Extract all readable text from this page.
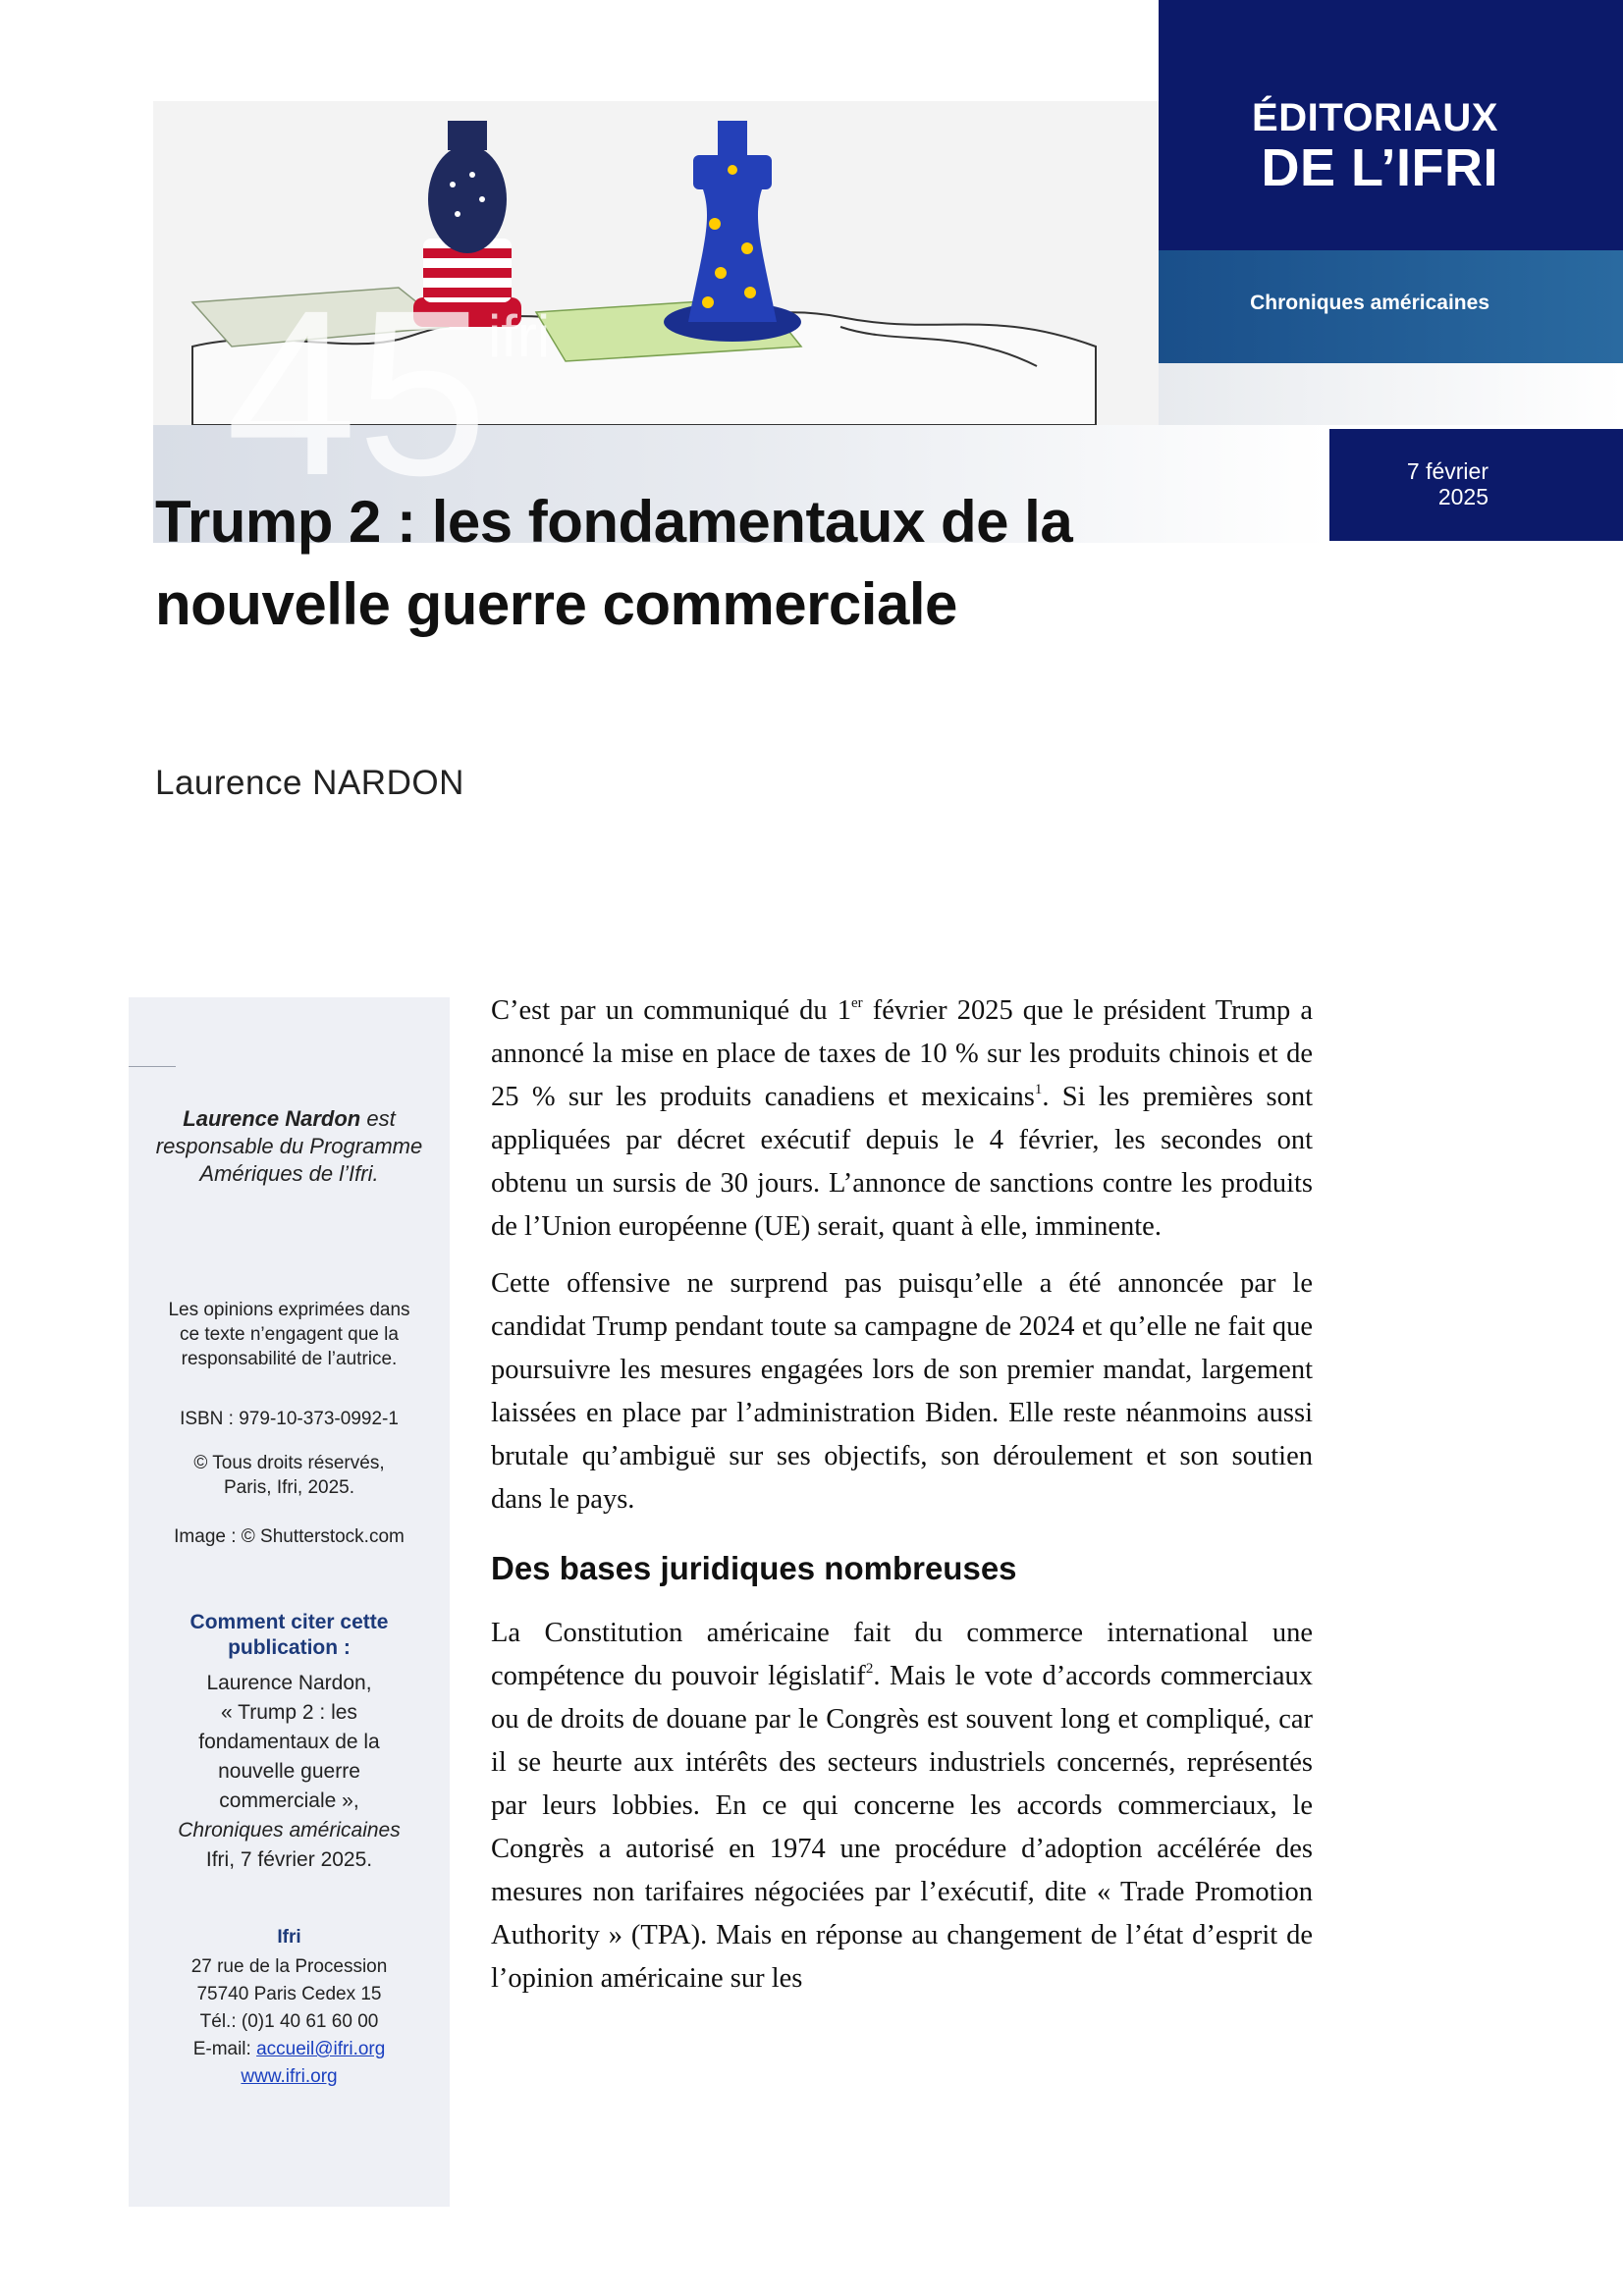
$45^{ifri}$
ÉDITORIAUX
DE L’IFRI
Chroniques américaines
7 février
2025
Trump 2 : les fondamentaux de la nouvelle guerre commerciale
Laurence NARDON
Laurence Nardon est responsable du Programme Amériques de l’Ifri.
Les opinions exprimées dans ce texte n’engagent que la responsabilité de l’autrice.
ISBN : 979-10-373-0992-1
© Tous droits réservés,
Paris, Ifri, 2025.
Image : © Shutterstock.com
Comment citer cette publication :
Laurence Nardon,
« Trump 2 : les
fondamentaux de la
nouvelle guerre
commerciale »,
Chroniques américaines
Ifri, 7 février 2025.
Ifri
27 rue de la Procession
75740 Paris Cedex 15
Tél.: (0)1 40 61 60 00
E-mail: accueil@ifri.org
www.ifri.org

C’est par un communiqué du 1er février 2025 que le président Trump a annoncé la mise en place de taxes de 10 % sur les produits chinois et de 25 % sur les produits canadiens et mexicains$^1$. Si les premières sont appliquées par décret exécutif depuis le 4 février, les secondes ont obtenu un sursis de 30 jours. L’annonce de sanctions contre les produits de l’Union européenne (UE) serait, quant à elle, imminente.

Cette offensive ne surprend pas puisqu’elle a été annoncée par le candidat Trump pendant toute sa campagne de 2024 et qu’elle ne fait que poursuivre les mesures engagées lors de son premier mandat, largement laissées en place par l’administration Biden. Elle reste néanmoins aussi brutale qu’ambiguë sur ses objectifs, son déroulement et son soutien dans le pays.

Des bases juridiques nombreuses

La Constitution américaine fait du commerce international une compétence du pouvoir législatif$^2$. Mais le vote d’accords commerciaux ou de droits de douane par le Congrès est souvent long et compliqué, car il se heurte aux intérêts des secteurs industriels concernés, représentés par leurs lobbies. En ce qui concerne les accords commerciaux, le Congrès a autorisé en 1974 une procédure d’adoption accélérée des mesures non tarifaires négociées par l’exécutif, dite « Trade Promotion Authority » (TPA). Mais en réponse au changement de l’état d’esprit de l’opinion américaine sur les
